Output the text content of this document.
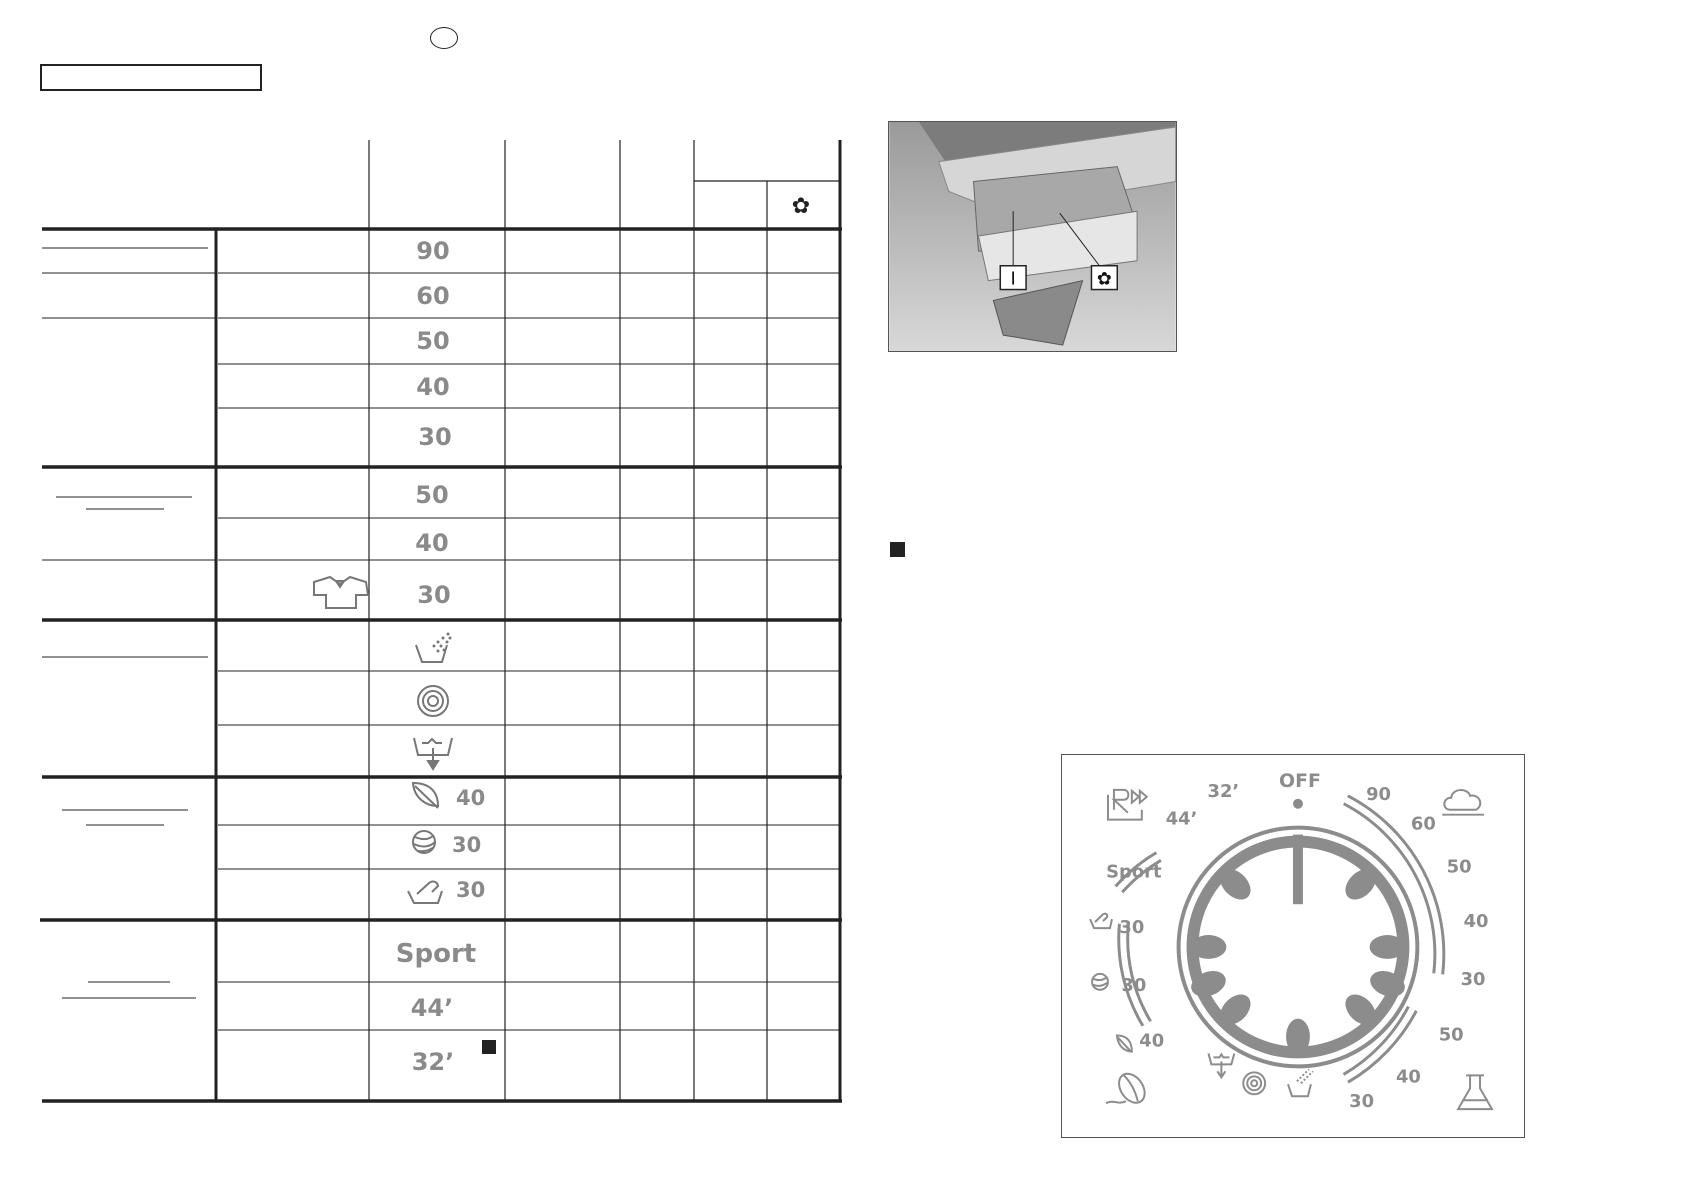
✿
90
60
50
40
30
50
40
30
40
30
30
Sport
44’
32’
I	✿
OFF
90
60
50
40
30
50
40
30
32’
44’
Sport
30
30
40
